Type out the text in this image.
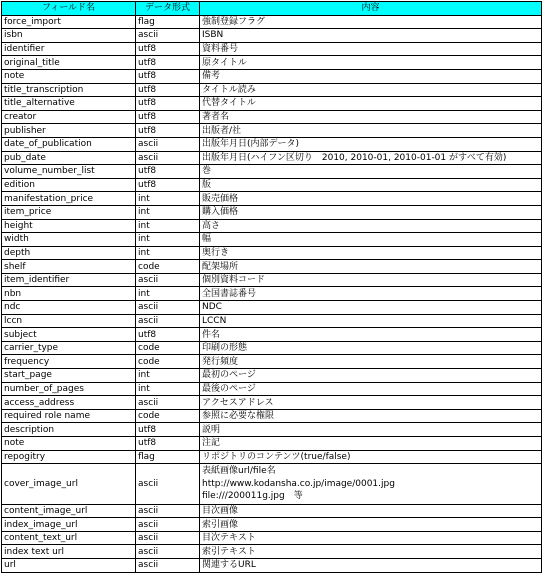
フィールド名	データ形式	内容
force_import	flag	強制登録フラグ
isbn	ascii	ISBN
identifier	utf8	資料番号
original_title	utf8	原タイトル
note	utf8	備考
title_transcription	utf8	タイトル読み
title_alternative	utf8	代替タイトル
creator	utf8	著者名
publisher	utf8	出版者/社
date_of_publication	ascii	出版年月日(内部データ)
pub_date	ascii	出版年月日(ハイフン区切り　2010, 2010-01, 2010-01-01 がすべて有効)
volume_number_list	utf8	巻
edition	utf8	版
manifestation_price	int	販売価格
item_price	int	購入価格
height	int	高さ
width	int	幅
depth	int	奥行き
shelf	code	配架場所
item_identifier	ascii	個別資料コード
nbn	int	全国書誌番号
ndc	ascii	NDC
lccn	ascii	LCCN
subject	utf8	件名
carrier_type	code	印刷の形態
frequency	code	発行頻度
start_page	int	最初のページ
number_of_pages	int	最後のページ
access_address	ascii	アクセスアドレス
required role name	code	参照に必要な権限
description	utf8	説明
note	utf8	注記
repogitry	flag	リポジトリのコンテンツ(true/false)
cover_image_url	ascii	表紙画像url/file名
http://www.kodansha.co.jp/image/0001.jpg
file:///200011g.jpg　等

content_image_url	ascii	目次画像
index_image_url	ascii	索引画像
content_text_url	ascii	目次テキスト
index text url	ascii	索引テキスト
url	ascii	関連するURL
